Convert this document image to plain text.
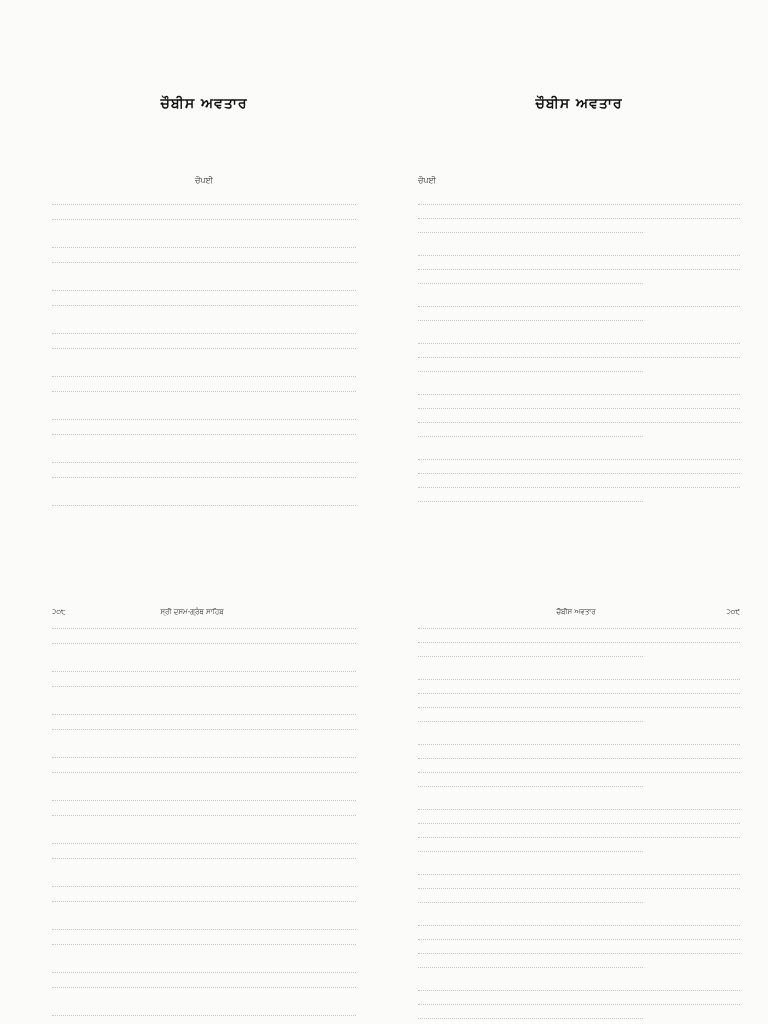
ਚੌਬੀਸ ਅਵਤਾਰ
ਚੌਪਈ
ਚੌਬੀਸ ਅਵਤਾਰ
ਚੌਪਈ
੨੦੮	ਸ੍ਰੀ ਦਸਮ-ਗ੍ਰੰਥ ਸਾਹਿਬ	ਚੌਬੀਸ ਅਵਤਾਰ	੨੦੯
